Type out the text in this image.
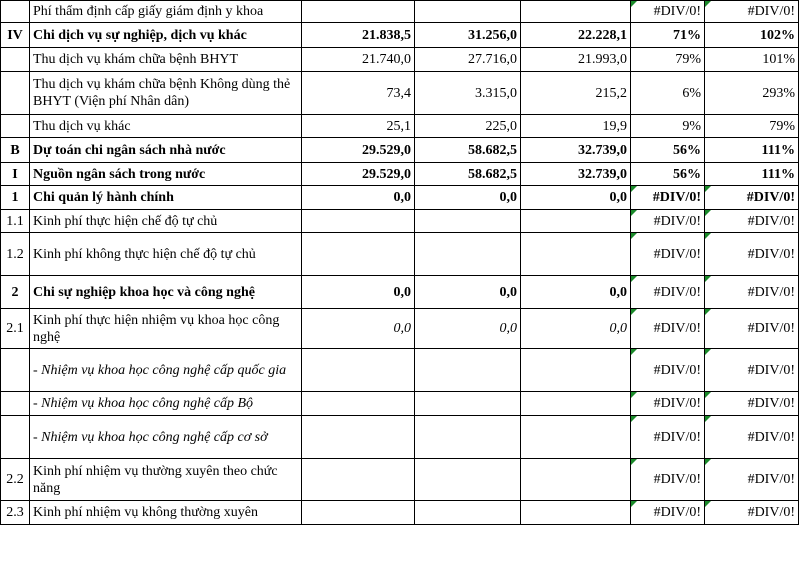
	Phí thẩm định cấp giấy giám định y khoa				#DIV/0!	#DIV/0!
IV	Chi dịch vụ sự nghiệp, dịch vụ khác	21.838,5	31.256,0	22.228,1	71%	102%
	Thu dịch vụ khám chữa bệnh BHYT	21.740,0	27.716,0	21.993,0	79%	101%
	Thu dịch vụ khám chữa bệnh Không dùng thẻ BHYT (Viện phí Nhân dân)	73,4	3.315,0	215,2	6%	293%
	Thu dịch vụ khác	25,1	225,0	19,9	9%	79%
B	Dự toán chi ngân sách nhà nước	29.529,0	58.682,5	32.739,0	56%	111%
I	Nguồn ngân sách trong nước	29.529,0	58.682,5	32.739,0	56%	111%
1	Chi quản lý hành chính	0,0	0,0	0,0	#DIV/0!	#DIV/0!
1.1	Kinh phí thực hiện chế độ tự chủ				#DIV/0!	#DIV/0!
1.2	Kinh phí không thực hiện chế độ tự chủ				#DIV/0!	#DIV/0!
2	Chi sự nghiệp khoa học và công nghệ	0,0	0,0	0,0	#DIV/0!	#DIV/0!
2.1	Kinh phí thực hiện nhiệm vụ khoa học công nghệ	0,0	0,0	0,0	#DIV/0!	#DIV/0!
	- Nhiệm vụ khoa học công nghệ cấp quốc gia				#DIV/0!	#DIV/0!
	- Nhiệm vụ khoa học công nghệ cấp Bộ				#DIV/0!	#DIV/0!
	- Nhiệm vụ khoa học công nghệ cấp cơ sở				#DIV/0!	#DIV/0!
2.2	Kinh phí nhiệm vụ thường xuyên theo chức năng				#DIV/0!	#DIV/0!
2.3	Kinh phí nhiệm vụ không thường xuyên				#DIV/0!	#DIV/0!
